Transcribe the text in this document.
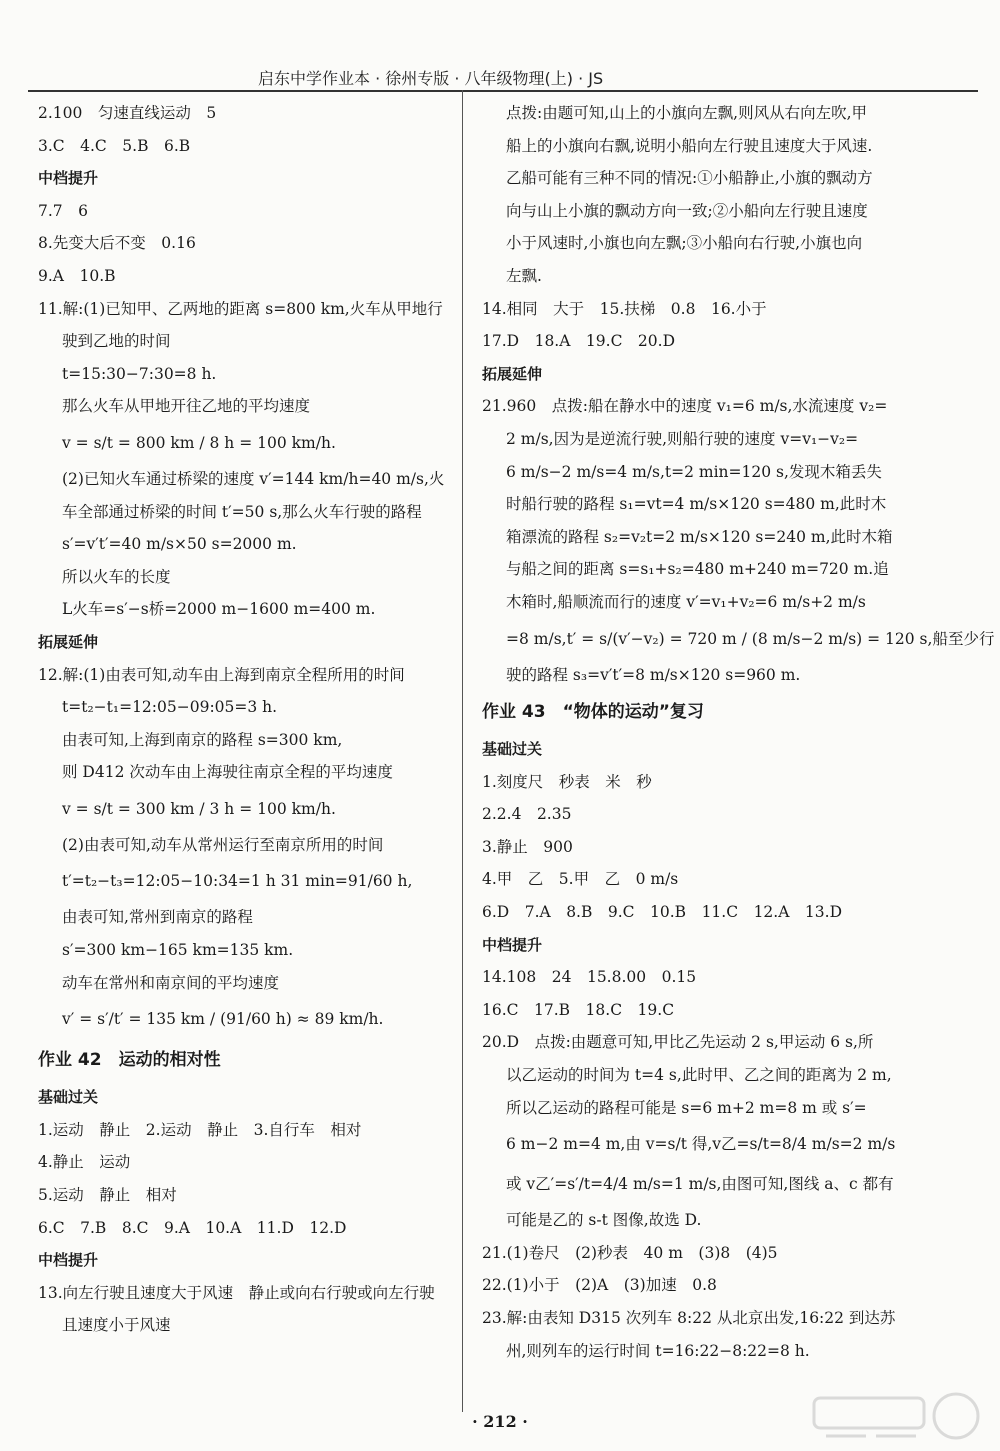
启东中学作业本 · 徐州专版 · 八年级物理(上) · JS
2.100　匀速直线运动　5
3.C　4.C　5.B　6.B
中档提升
7.7　6
8.先变大后不变　0.16
9.A　10.B
11.解:(1)已知甲、乙两地的距离 s=800 km,火车从甲地行
驶到乙地的时间
t=15:30−7:30=8 h.
那么火车从甲地开往乙地的平均速度
v = s/t = 800 km / 8 h = 100 km/h.
(2)已知火车通过桥梁的速度 v′=144 km/h=40 m/s,火
车全部通过桥梁的时间 t′=50 s,那么火车行驶的路程
s′=v′t′=40 m/s×50 s=2000 m.
所以火车的长度
L火车=s′−s桥=2000 m−1600 m=400 m.
拓展延伸
12.解:(1)由表可知,动车由上海到南京全程所用的时间
t=t₂−t₁=12:05−09:05=3 h.
由表可知,上海到南京的路程 s=300 km,
则 D412 次动车由上海驶往南京全程的平均速度
v = s/t = 300 km / 3 h = 100 km/h.
(2)由表可知,动车从常州运行至南京所用的时间
t′=t₂−t₃=12:05−10:34=1 h 31 min=91/60 h,
由表可知,常州到南京的路程
s′=300 km−165 km=135 km.
动车在常州和南京间的平均速度
v′ = s′/t′ = 135 km / (91/60 h) ≈ 89 km/h.
作业 42　运动的相对性
基础过关
1.运动　静止　2.运动　静止　3.自行车　相对
4.静止　运动
5.运动　静止　相对
6.C　7.B　8.C　9.A　10.A　11.D　12.D
中档提升
13.向左行驶且速度大于风速　静止或向右行驶或向左行驶
且速度小于风速
点拨:由题可知,山上的小旗向左飘,则风从右向左吹,甲
船上的小旗向右飘,说明小船向左行驶且速度大于风速.
乙船可能有三种不同的情况:①小船静止,小旗的飘动方
向与山上小旗的飘动方向一致;②小船向左行驶且速度
小于风速时,小旗也向左飘;③小船向右行驶,小旗也向
左飘.
14.相同　大于　15.扶梯　0.8　16.小于
17.D　18.A　19.C　20.D
拓展延伸
21.960　点拨:船在静水中的速度 v₁=6 m/s,水流速度 v₂=
2 m/s,因为是逆流行驶,则船行驶的速度 v=v₁−v₂=
6 m/s−2 m/s=4 m/s,t=2 min=120 s,发现木箱丢失
时船行驶的路程 s₁=vt=4 m/s×120 s=480 m,此时木
箱漂流的路程 s₂=v₂t=2 m/s×120 s=240 m,此时木箱
与船之间的距离 s=s₁+s₂=480 m+240 m=720 m.追
木箱时,船顺流而行的速度 v′=v₁+v₂=6 m/s+2 m/s
=8 m/s,t′ = s/(v′−v₂) = 720 m / (8 m/s−2 m/s) = 120 s,船至少行
驶的路程 s₃=v′t′=8 m/s×120 s=960 m.
作业 43　“物体的运动”复习
基础过关
1.刻度尺　秒表　米　秒
2.2.4　2.35
3.静止　900
4.甲　乙　5.甲　乙　0 m/s
6.D　7.A　8.B　9.C　10.B　11.C　12.A　13.D
中档提升
14.108　24　15.8.00　0.15
16.C　17.B　18.C　19.C
20.D　点拨:由题意可知,甲比乙先运动 2 s,甲运动 6 s,所
以乙运动的时间为 t=4 s,此时甲、乙之间的距离为 2 m,
所以乙运动的路程可能是 s=6 m+2 m=8 m 或 s′=
6 m−2 m=4 m,由 v=s/t 得,v乙=s/t=8/4 m/s=2 m/s
或 v乙′=s′/t=4/4 m/s=1 m/s,由图可知,图线 a、c 都有
可能是乙的 s-t 图像,故选 D.
21.(1)卷尺　(2)秒表　40 m　(3)8　(4)5
22.(1)小于　(2)A　(3)加速　0.8
23.解:由表知 D315 次列车 8:22 从北京出发,16:22 到达苏
州,则列车的运行时间 t=16:22−8:22=8 h.
· 212 ·
